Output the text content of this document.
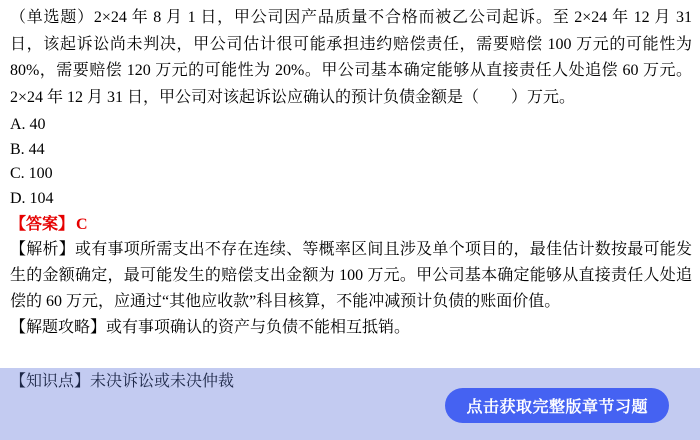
（单选题）2×24 年 8 月 1 日，甲公司因产品质量不合格而被乙公司起诉。至 2×24 年 12 月 31 日，该起诉讼尚未判决，甲公司估计很可能承担违约赔偿责任，需要赔偿 100 万元的可能性为 80%，需要赔偿 120 万元的可能性为 20%。甲公司基本确定能够从直接责任人处追偿 60 万元。2×24 年 12 月 31 日，甲公司对该起诉讼应确认的预计负债金额是（　　）万元。

A. 40
B. 44
C. 100
D. 104
【答案】 C

【解析】或有事项所需支出不存在连续、等概率区间且涉及单个项目的，最佳估计数按最可能发生的金额确定，最可能发生的赔偿支出金额为 100 万元。甲公司基本确定能够从直接责任人处追偿的 60 万元，应通过“其他应收款”科目核算，不能冲减预计负债的账面价值。

【解题攻略】或有事项确认的资产与负债不能相互抵销。
【知识点】未决诉讼或未决仲裁
点击获取完整版章节习题
